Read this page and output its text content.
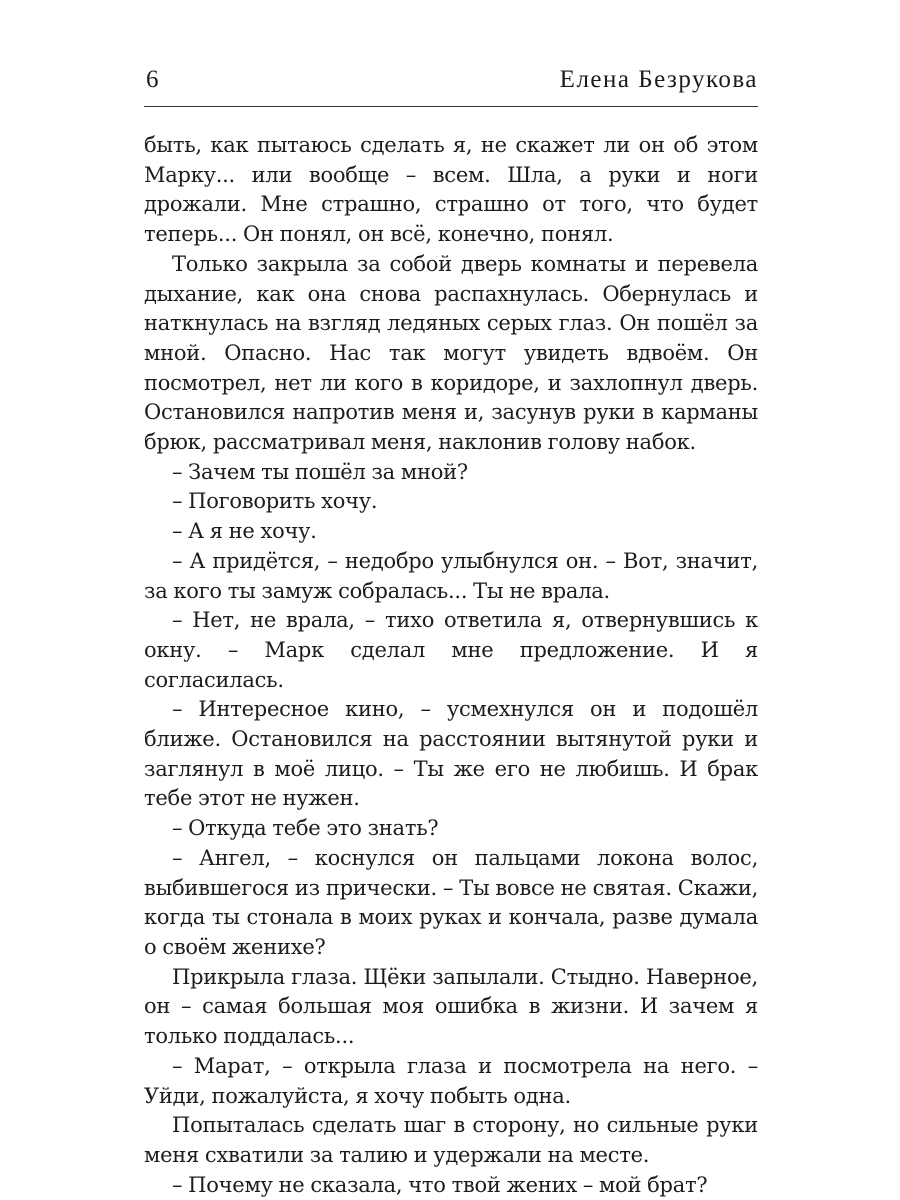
6	Елена Безрукова

быть, как пытаюсь сделать я, не скажет ли он об этом Марку... или вообще – всем. Шла, а руки и ноги дрожали. Мне страшно, страшно от того, что будет теперь... Он понял, он всё, конечно, понял.

Только закрыла за собой дверь комнаты и перевела дыхание, как она снова распахнулась. Обернулась и наткнулась на взгляд ледяных серых глаз. Он пошёл за мной. Опасно. Нас так могут увидеть вдвоём. Он посмотрел, нет ли кого в коридоре, и захлопнул дверь. Остановился напротив меня и, засунув руки в карманы брюк, рассматривал меня, наклонив голову набок.

– Зачем ты пошёл за мной?

– Поговорить хочу.

– А я не хочу.

– А придётся, – недобро улыбнулся он. – Вот, значит, за кого ты замуж собралась... Ты не врала.

– Нет, не врала, – тихо ответила я, отвернувшись к окну. – Марк сделал мне предложение. И я согласилась.

– Интересное кино, – усмехнулся он и подошёл ближе. Остановился на расстоянии вытянутой руки и заглянул в моё лицо. – Ты же его не любишь. И брак тебе этот не нужен.

– Откуда тебе это знать?

– Ангел, – коснулся он пальцами локона волос, выбившегося из прически. – Ты вовсе не святая. Скажи, когда ты стонала в моих руках и кончала, разве думала о своём женихе?

Прикрыла глаза. Щёки запылали. Стыдно. Наверное, он – самая большая моя ошибка в жизни. И зачем я только поддалась...

– Марат, – открыла глаза и посмотрела на него. – Уйди, пожалуйста, я хочу побыть одна.

Попыталась сделать шаг в сторону, но сильные руки меня схватили за талию и удержали на месте.

– Почему не сказала, что твой жених – мой брат?
